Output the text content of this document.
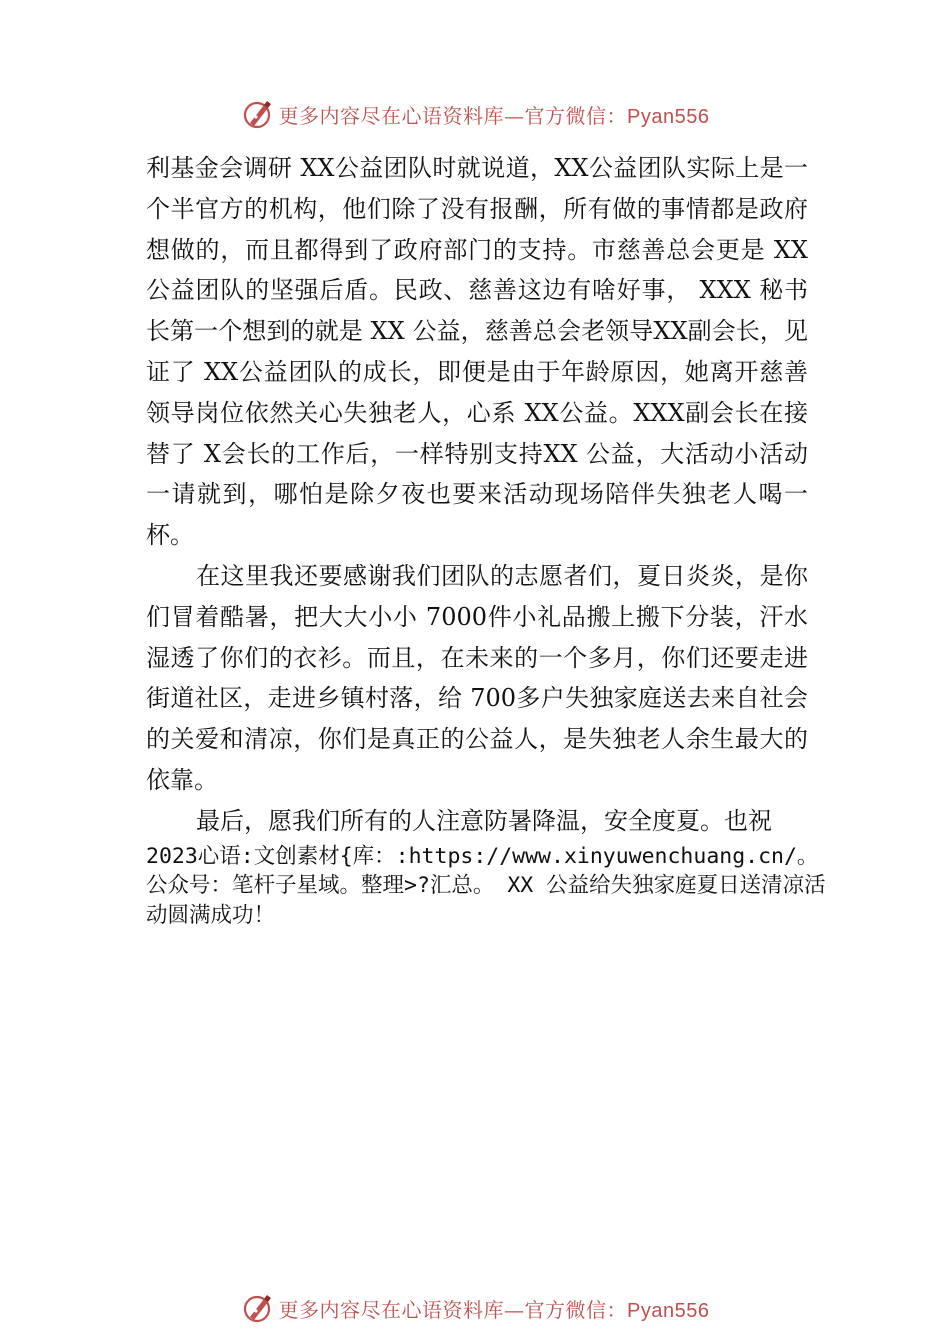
更多内容尽在心语资料库—官方微信：Pyan556

利基金会调研 XX公益团队时就说道，XX公益团队实际上是一个半官方的机构，他们除了没有报酬，所有做的事情都是政府想做的，而且都得到了政府部门的支持。市慈善总会更是 XX公益团队的坚强后盾。民政、慈善这边有啥好事， XXX 秘书长第一个想到的就是 XX 公益，慈善总会老领导XX副会长，见证了 XX公益团队的成长，即便是由于年龄原因，她离开慈善领导岗位依然关心失独老人，心系 XX公益。XXX副会长在接替了 X会长的工作后，一样特别支持XX 公益，大活动小活动一请就到，哪怕是除夕夜也要来活动现场陪伴失独老人喝一杯。

在这里我还要感谢我们团队的志愿者们，夏日炎炎，是你们冒着酷暑，把大大小小 7000件小礼品搬上搬下分装，汗水湿透了你们的衣衫。而且，在未来的一个多月，你们还要走进街道社区，走进乡镇村落，给 700多户失独家庭送去来自社会的关爱和清凉，你们是真正的公益人，是失独老人余生最大的依靠。

最后，愿我们所有的人注意防暑降温，安全度夏。也祝

2023心语:文创素材{库：:https://www.xinyuwenchuang.cn/。公众号：笔杆子星域。整理>?汇总。 XX 公益给失独家庭夏日送清凉活动圆满成功！

更多内容尽在心语资料库—官方微信：Pyan556
